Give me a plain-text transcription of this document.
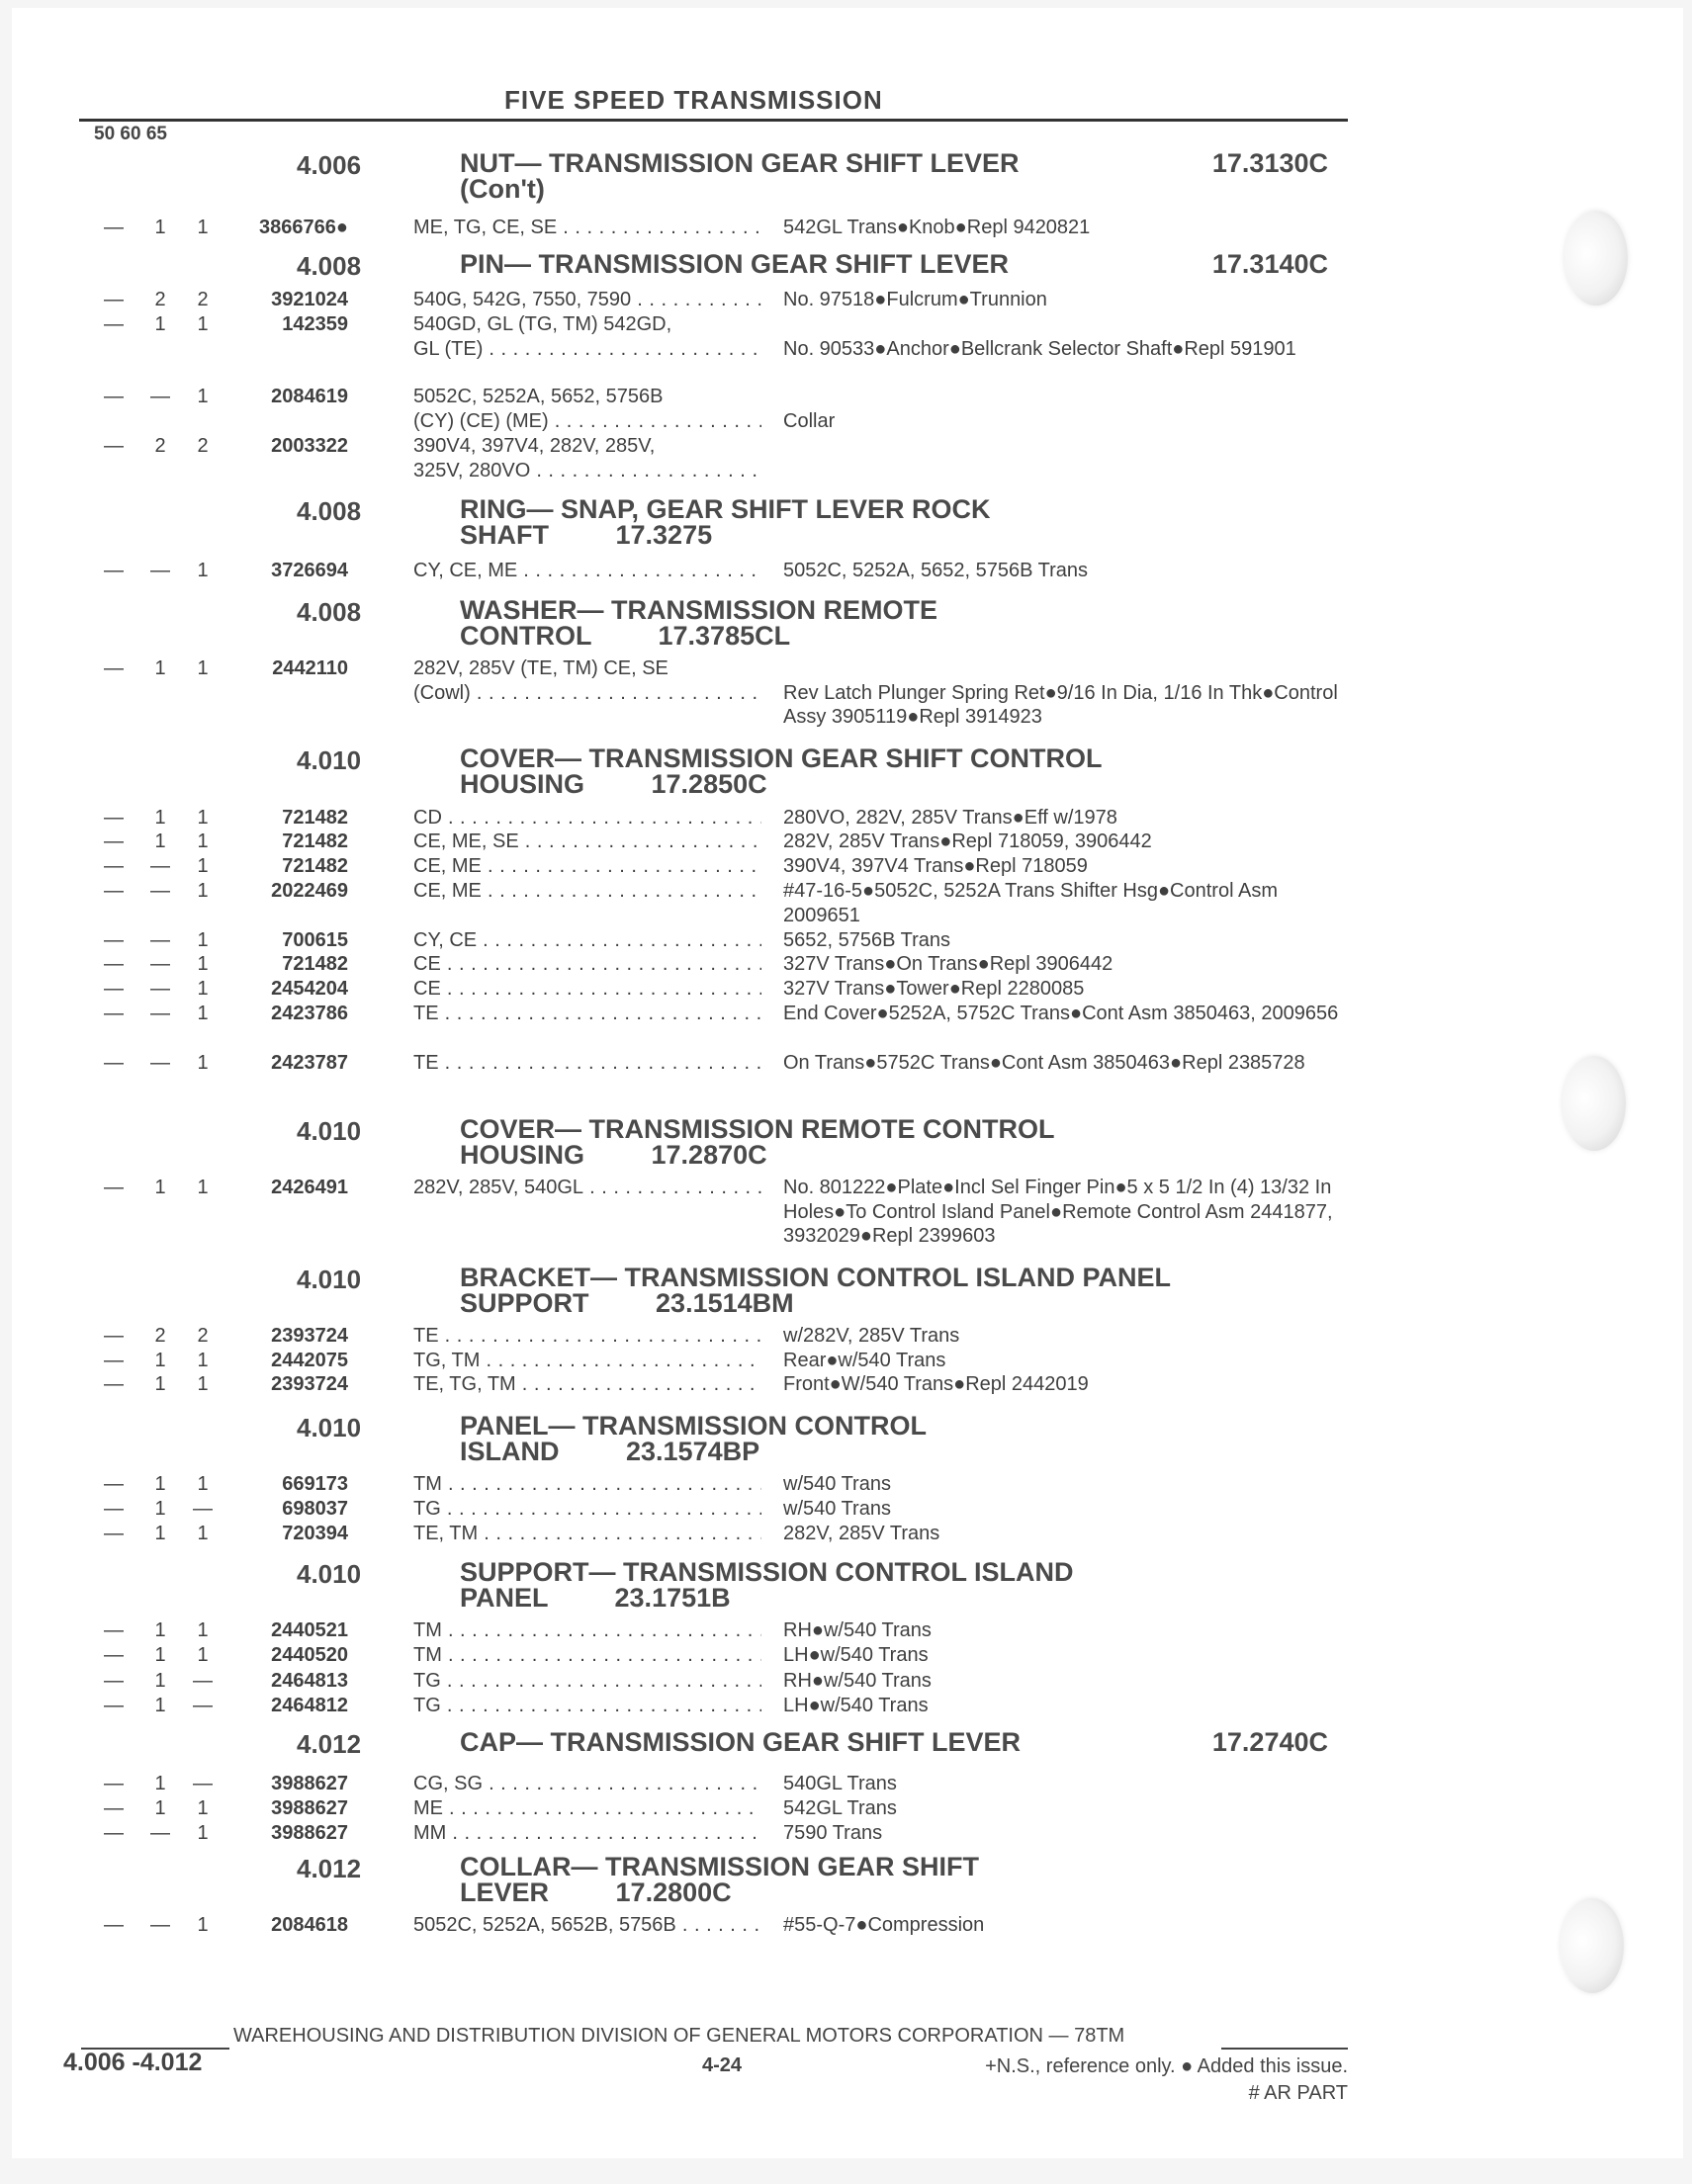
FIVE SPEED TRANSMISSION
50 60 65
4.006	NUT— TRANSMISSION GEAR SHIFT LEVER
(Con't)
17.3130C
—	1	1	3866766●	ME, TG, CE, SE . . .	542GL Trans●Knob●Repl 9420821
4.008	PIN— TRANSMISSION GEAR SHIFT LEVER	17.3140C
—	2	2	3921024	540G, 542G, 7550, 7590 . . .	No. 97518●Fulcrum●Trunnion
—	1	1	142359	540GD, GL (TG, TM) 542GD,
GL (TE) . . .	
No. 90533●Anchor●Bellcrank Selector Shaft●Repl 591901
— —	1	2084619	5052C, 5252A, 5652, 5756B
(CY) (CE) (ME) . . .	
Collar
—	2	2	2003322	390V4, 397V4, 282V, 285V,
325V, 280VO . . .
4.008	RING— SNAP, GEAR SHIFT LEVER ROCK
SHAFT         17.3275
— —	1	3726694	CY, CE, ME . . .	5052C, 5252A, 5652, 5756B Trans
4.008	WASHER— TRANSMISSION REMOTE
CONTROL         17.3785CL
—	1	1	2442110	282V, 285V (TE, TM) CE, SE
(Cowl) . . .	
Rev Latch Plunger Spring Ret●9/16 In Dia, 1/16 In Thk●Control Assy 3905119●Repl 3914923
4.010	COVER— TRANSMISSION GEAR SHIFT CONTROL
HOUSING         17.2850C
—	1	1	721482	CD . . .	280VO, 282V, 285V Trans●Eff w/1978
—	1	1	721482	CE, ME, SE . . .	282V, 285V Trans●Repl 718059, 3906442
— —	1	721482	CE, ME . . .	390V4, 397V4 Trans●Repl 718059
— —	1	2022469	CE, ME . . .	#47-16-5●5052C, 5252A Trans Shifter Hsg●Control Asm 2009651
— —	1	700615	CY, CE . . .	5652, 5756B Trans
— —	1	721482	CE . . .	327V Trans●On Trans●Repl 3906442
— —	1	2454204	CE . . .	327V Trans●Tower●Repl 2280085
— —	1	2423786	TE . . .	End Cover●5252A, 5752C Trans●Cont Asm 3850463, 2009656
— —	1	2423787	TE . . .	On Trans●5752C Trans●Cont Asm 3850463●Repl 2385728
4.010	COVER— TRANSMISSION REMOTE CONTROL
HOUSING         17.2870C
—	1	1	2426491	282V, 285V, 540GL . . .	No. 801222●Plate●Incl Sel Finger Pin●5 x 5 1/2 In (4) 13/32 In Holes●To Control Island Panel●Remote Control Asm 2441877, 3932029●Repl 2399603
4.010	BRACKET— TRANSMISSION CONTROL ISLAND PANEL
SUPPORT         23.1514BM
—	2	2	2393724	TE . . .	w/282V, 285V Trans
—	1	1	2442075	TG, TM . . .	Rear●w/540 Trans
—	1	1	2393724	TE, TG, TM . . .	Front●W/540 Trans●Repl 2442019
4.010	PANEL— TRANSMISSION CONTROL
ISLAND         23.1574BP
—	1	1	669173	TM . . .	w/540 Trans
—	1	—	698037	TG . . .	w/540 Trans
—	1	1	720394	TE, TM . . .	282V, 285V Trans
4.010	SUPPORT— TRANSMISSION CONTROL ISLAND
PANEL         23.1751B
—	1	1	2440521	TM . . .	RH●w/540 Trans
—	1	1	2440520	TM . . .	LH●w/540 Trans
—	1	—	2464813	TG . . .	RH●w/540 Trans
—	1	—	2464812	TG . . .	LH●w/540 Trans
4.012	CAP— TRANSMISSION GEAR SHIFT LEVER	17.2740C
—	1	—	3988627	CG, SG . . .	540GL Trans
—	1	1	3988627	ME . . .	542GL Trans
— —	1	3988627	MM . . .	7590 Trans
4.012	COLLAR— TRANSMISSION GEAR SHIFT
LEVER         17.2800C
— —	1	2084618	5052C, 5252A, 5652B, 5756B . . .	#55-Q-7●Compression
WAREHOUSING AND DISTRIBUTION DIVISION OF GENERAL MOTORS CORPORATION — 78TM
4.006 -4.012	4-24	+N.S., reference only. ● Added this issue.
# AR PART
